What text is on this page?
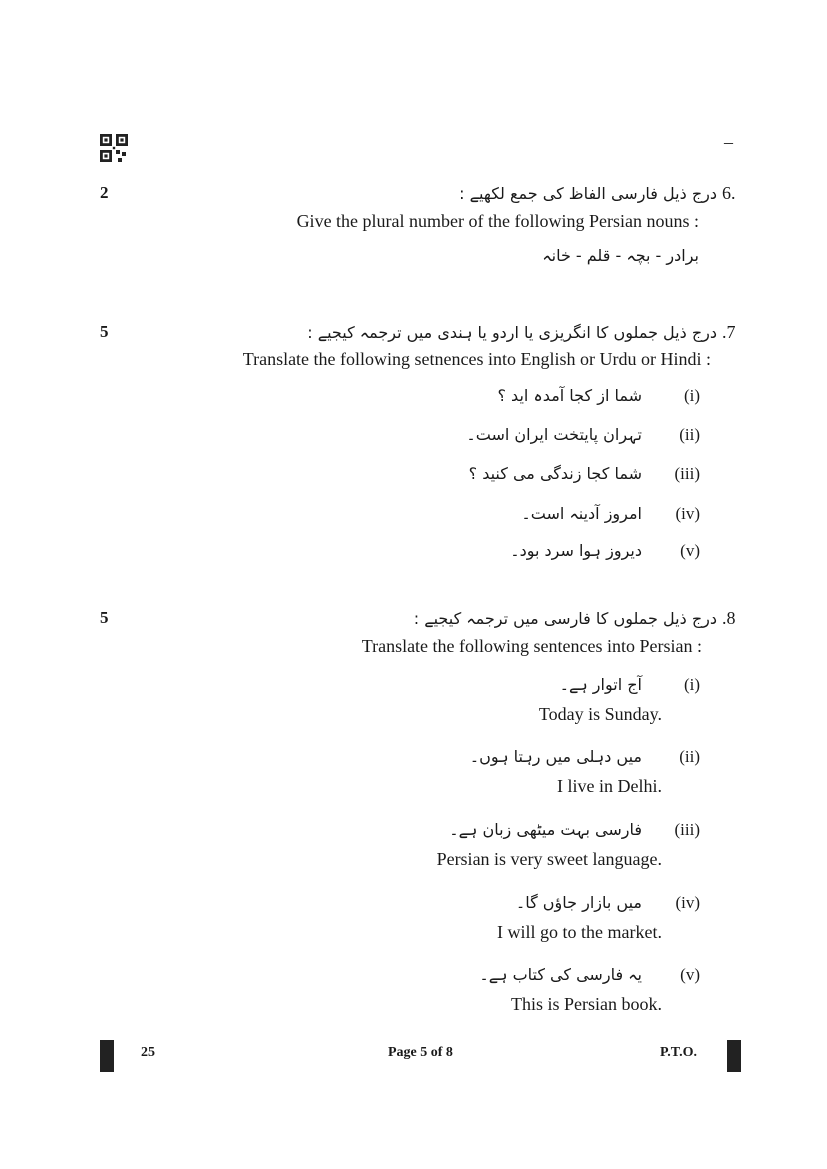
–
2	6.
درج ذیل فارسی الفاظ کی جمع لکھیے :
Give the plural number of the following Persian nouns :
برادر - بچہ - قلم - خانہ
5	.7
درج ذیل جملوں کا انگریزی یا اردو یا ہندی میں ترجمہ کیجیے :
Translate the following setnences into English or Urdu or Hindi :
شما از کجا آمدہ اید ؟ (i)
تہران پایتخت ایران است۔ (ii)
شما کجا زندگی می کنید ؟ (iii)
امروز آدینہ است۔ (iv)
دیروز ہوا سرد بود۔ (v)
5	.8
درج ذیل جملوں کا فارسی میں ترجمہ کیجیے :
Translate the following sentences into Persian :
آج اتوار ہے۔ (i)
Today is Sunday.
میں دہلی میں رہتا ہوں۔ (ii)
I live in Delhi.
فارسی بہت میٹھی زبان ہے۔ (iii)
Persian is very sweet language.
میں بازار جاؤں گا۔ (iv)
I will go to the market.
یہ فارسی کی کتاب ہے۔ (v)
This is Persian book.
25	Page 5 of 8	P.T.O.
